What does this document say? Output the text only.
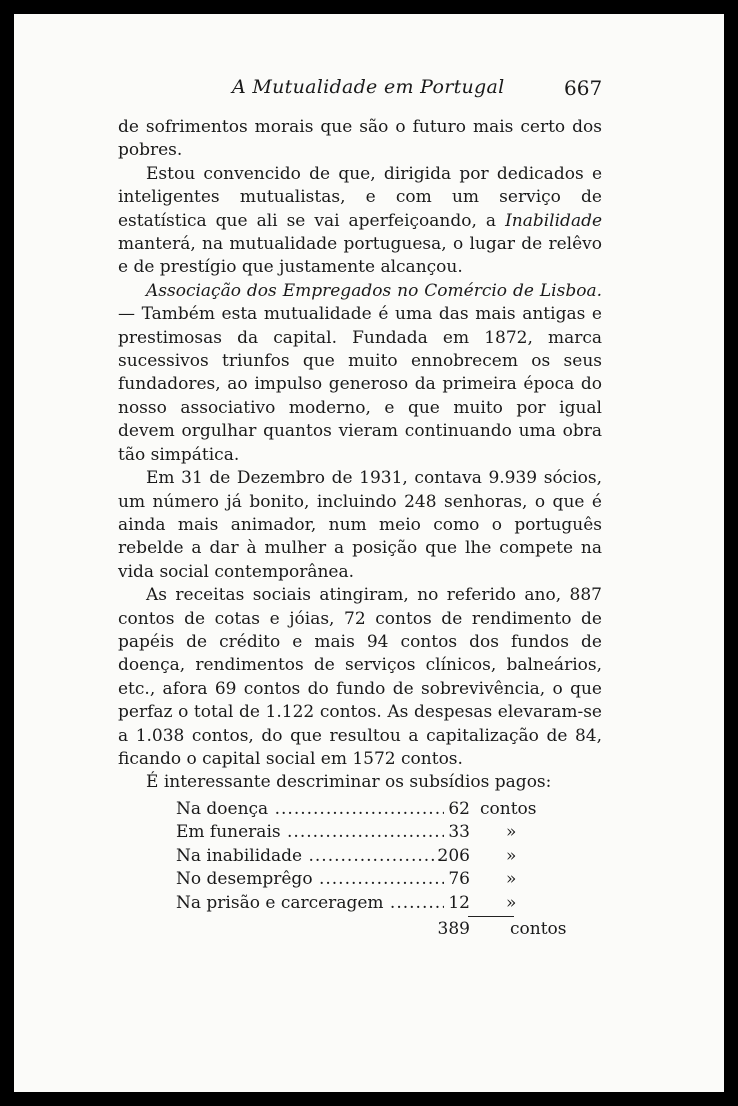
A Mutualidade em Portugal	667

de sofrimentos morais que são o futuro mais certo dos pobres.

Estou convencido de que, dirigida por dedicados e inteligentes mutualistas, e com um serviço de estatística que ali se vai aperfeiçoando, a Inabilidade manterá, na mutualidade portuguesa, o lugar de relêvo e de prestígio que justamente alcançou.

Associação dos Empregados no Comércio de Lisboa. — Também esta mutualidade é uma das mais antigas e prestimosas da capital. Fundada em 1872, marca sucessivos triunfos que muito ennobrecem os seus fundadores, ao impulso generoso da primeira época do nosso associativo moderno, e que muito por igual devem orgulhar quantos vieram continuando uma obra tão simpática.

Em 31 de Dezembro de 1931, contava 9.939 sócios, um número já bonito, incluindo 248 senhoras, o que é ainda mais animador, num meio como o português rebelde a dar à mulher a posição que lhe compete na vida social contemporânea.

As receitas sociais atingiram, no referido ano, 887 contos de cotas e jóias, 72 contos de rendimento de papéis de crédito e mais 94 contos dos fundos de doença, rendimentos de serviços clínicos, balneários, etc., afora 69 contos do fundo de sobrevivência, o que perfaz o total de 1.122 contos. As despesas elevaram-se a 1.038 contos, do que resultou a capitalização de 84, ficando o capital social em 1572 contos.

É interessante descriminar os subsídios pagos:

Na doença .....	62 contos
Em funerais .....	33 »
Na inabilidade .....	206 »
No desemprêgo .....	76 »
Na prisão e carceragem .....	12 »
389 contos
